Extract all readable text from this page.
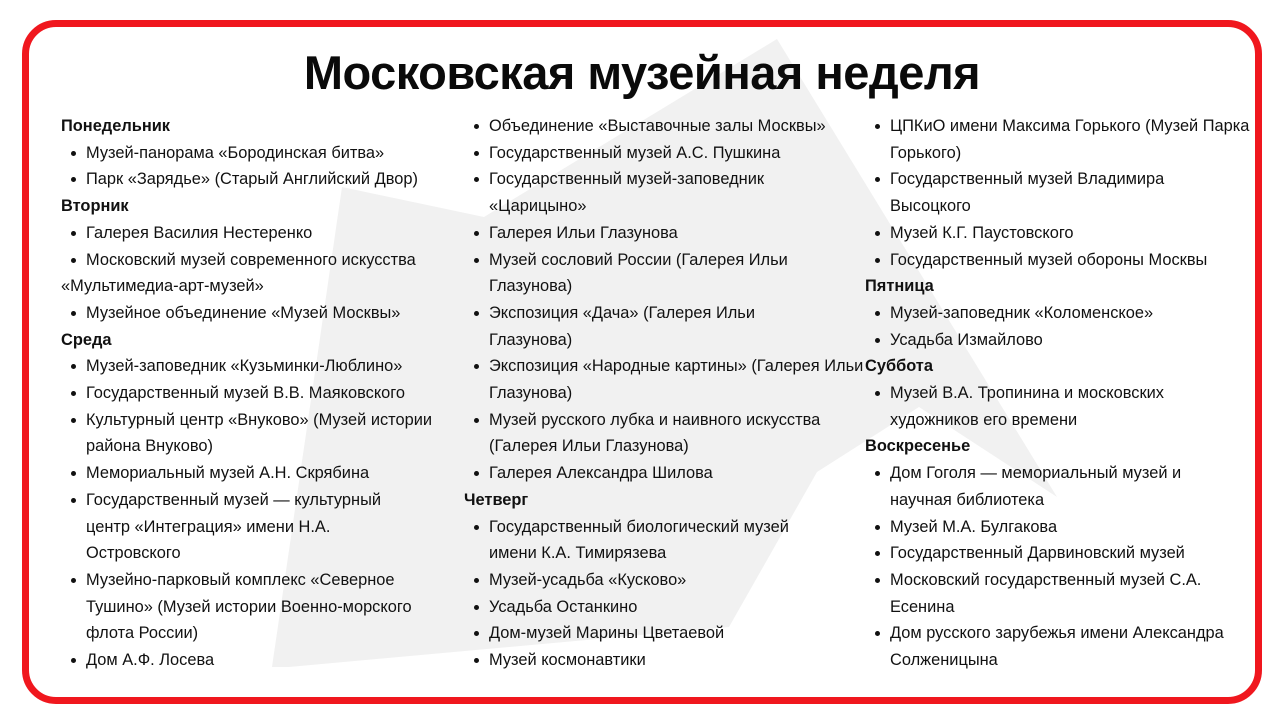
Московская музейная неделя
Понедельник
Музей-панорама «Бородинская битва»
Парк «Зарядье» (Старый Английский Двор)
Вторник
Галерея Василия Нестеренко
Московский музей современного искусства «Мультимедиа-арт-музей»
Музейное объединение «Музей Москвы»
Среда
Музей-заповедник «Кузьминки-Люблино»
Государственный музей В.В. Маяковского
Культурный центр «Внуково» (Музей истории района Внуково)
Мемориальный музей А.Н. Скрябина
Государственный музей — культурный центр «Интеграция» имени Н.А. Островского
Музейно-парковый комплекс «Северное Тушино» (Музей истории Военно-морского флота России)
Дом А.Ф. Лосева
Объединение «Выставочные залы Москвы»
Государственный музей А.С. Пушкина
Государственный музей-заповедник «Царицыно»
Галерея Ильи Глазунова
Музей сословий России (Галерея Ильи Глазунова)
Экспозиция «Дача» (Галерея Ильи Глазунова)
Экспозиция «Народные картины» (Галерея Ильи Глазунова)
Музей русского лубка и наивного искусства (Галерея Ильи Глазунова)
Галерея Александра Шилова
Четверг
Государственный биологический музей имени К.А. Тимирязева
Музей-усадьба «Кусково»
Усадьба Останкино
Дом-музей Марины Цветаевой
Музей космонавтики
ЦПКиО имени Максима Горького (Музей Парка Горького)
Государственный музей Владимира Высоцкого
Музей К.Г. Паустовского
Государственный музей обороны Москвы
Пятница
Музей-заповедник «Коломенское»
Усадьба Измайлово
Суббота
Музей В.А. Тропинина и московских художников его времени
Воскресенье
Дом Гоголя — мемориальный музей и научная библиотека
Музей М.А. Булгакова
Государственный Дарвиновский музей
Московский государственный музей С.А. Есенина
Дом русского зарубежья имени Александра Солженицына
